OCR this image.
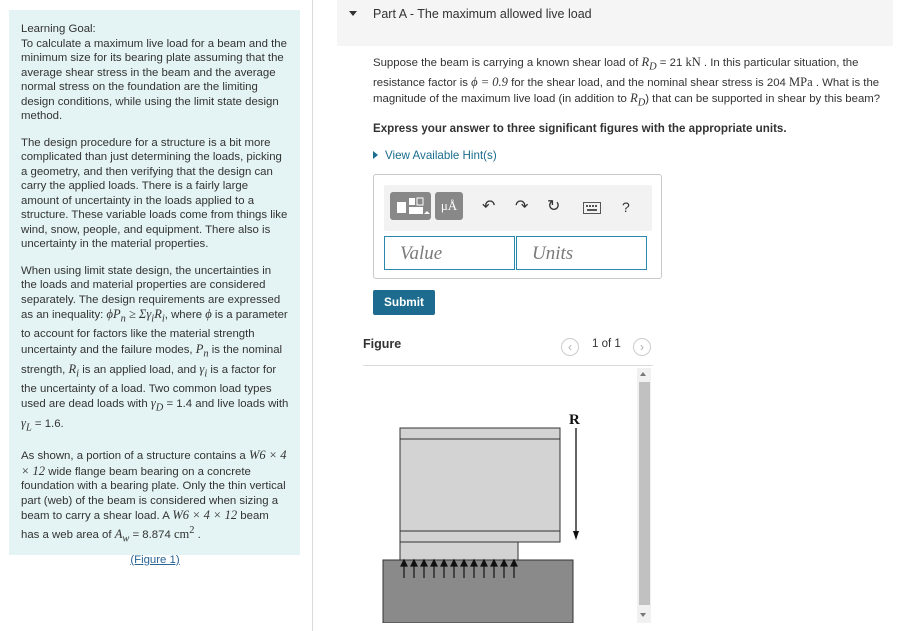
Learning Goal:
To calculate a maximum live load for a beam and the minimum size for its bearing plate assuming that the average shear stress in the beam and the average normal stress on the foundation are the limiting design conditions, while using the limit state design method.

The design procedure for a structure is a bit more complicated than just determining the loads, picking a geometry, and then verifying that the design can carry the applied loads. There is a fairly large amount of uncertainty in the loads applied to a structure. These variable loads come from things like wind, snow, people, and equipment. There also is uncertainty in the material properties.

When using limit state design, the uncertainties in the loads and material properties are considered separately. The design requirements are expressed as an inequality: $\phi P_n \ge \Sigma\gamma_iR_i$, where ϕ is a parameter to account for factors like the material strength uncertainty and the failure modes, $P_n$ is the nominal strength, $R_i$ is an applied load, and $\gamma_i$ is a factor for the uncertainty of a load. Two common load types used are dead loads with $\gamma_D = 1.4$ and live loads with $\gamma_L = 1.6$.

As shown, a portion of a structure contains a W6 × 4 × 12 wide flange beam bearing on a concrete foundation with a bearing plate. Only the thin vertical part (web) of the beam is considered when sizing a beam to carry a shear load. A W6 × 4 × 12 beam has a web area of $A_w = 8.874$ $cm^2$ .

(Figure 1)
Part A - The maximum allowed live load
Suppose the beam is carrying a known shear load of $R_D = 21$ kN . In this particular situation, the resistance factor is ϕ = 0.9 for the shear load, and the nominal shear stress is 204 MPa . What is the magnitude of the maximum live load (in addition to $R_D$) that can be supported in shear by this beam?
Express your answer to three significant figures with the appropriate units.
View Available Hint(s)
μÅ	↶ ↷ ↻	?
Value	Units
Submit
Figure	‹	1 of 1	›
R
